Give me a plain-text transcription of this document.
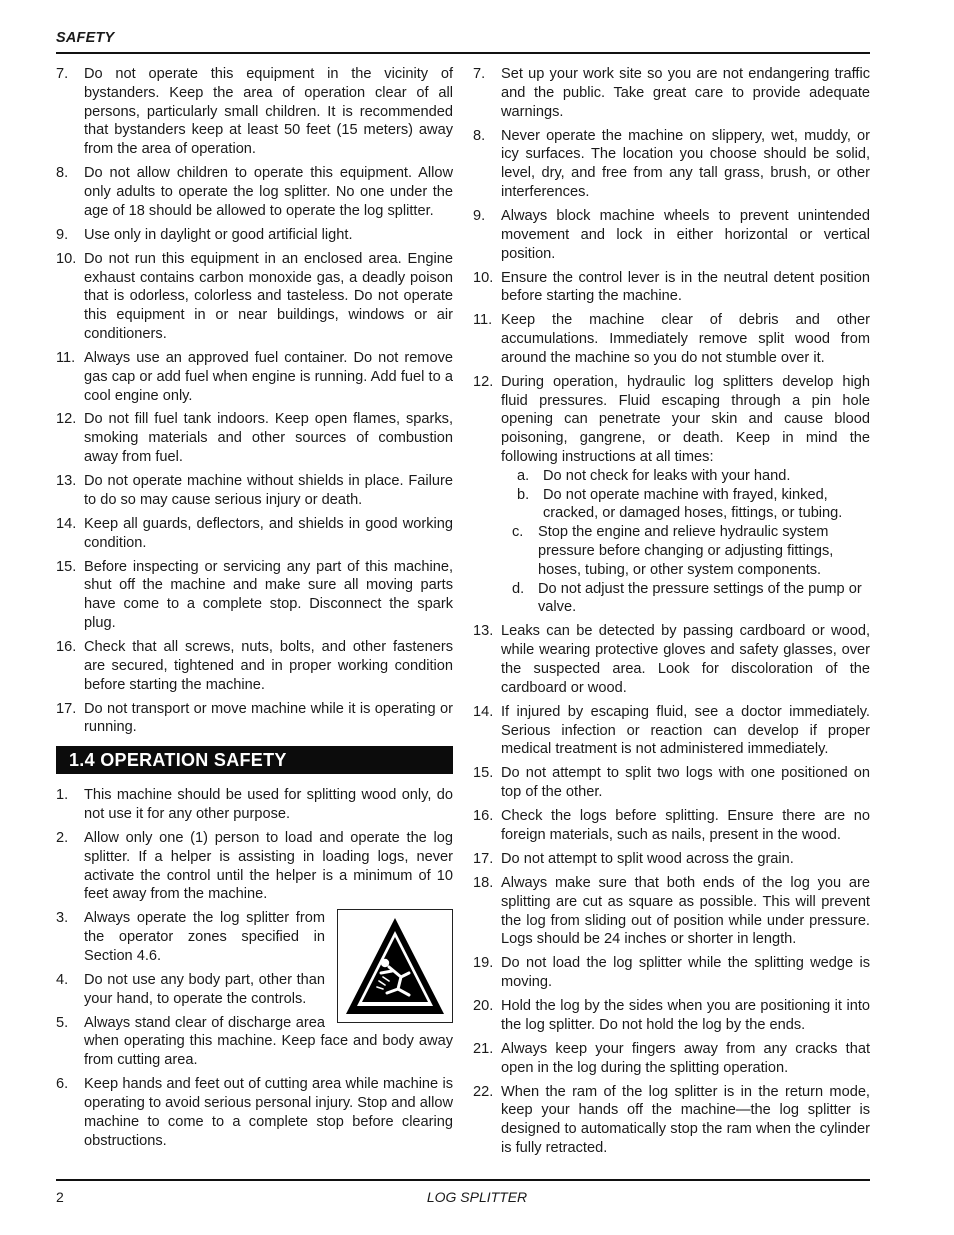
SAFETY
7. Do not operate this equipment in the vicinity of bystanders. Keep the area of operation clear of all persons, particularly small children. It is recommended that bystanders keep at least 50 feet (15 meters) away from the area of operation.
8. Do not allow children to operate this equipment. Allow only adults to operate the log splitter. No one under the age of 18 should be allowed to operate the log splitter.
9. Use only in daylight or good artificial light.
10. Do not run this equipment in an enclosed area. Engine exhaust contains carbon monoxide gas, a deadly poison that is odorless, colorless and tasteless. Do not operate this equipment in or near buildings, windows or air conditioners.
11. Always use an approved fuel container. Do not remove gas cap or add fuel when engine is running. Add fuel to a cool engine only.
12. Do not fill fuel tank indoors. Keep open flames, sparks, smoking materials and other sources of combustion away from fuel.
13. Do not operate machine without shields in place. Failure to do so may cause serious injury or death.
14. Keep all guards, deflectors, and shields in good working condition.
15. Before inspecting or servicing any part of this machine, shut off the machine and make sure all moving parts have come to a complete stop. Disconnect the spark plug.
16. Check that all screws, nuts, bolts, and other fasteners are secured, tightened and in proper working condition before starting the machine.
17. Do not transport or move machine while it is operating or running.
1.4 OPERATION SAFETY
1. This machine should be used for splitting wood only, do not use it for any other purpose.
2. Allow only one (1) person to load and operate the log splitter. If a helper is assisting in loading logs, never activate the control until the helper is a minimum of 10 feet away from the machine.
3. Always operate the log splitter from the operator zones specified in Section 4.6.
4. Do not use any body part, other than your hand, to operate the controls.
5. Always stand clear of discharge area when operating this machine. Keep face and body away from cutting area.
6. Keep hands and feet out of cutting area while machine is operating to avoid serious personal injury. Stop and allow machine to come to a complete stop before clearing obstructions.
7. Set up your work site so you are not endangering traffic and the public. Take great care to provide adequate warnings.
8. Never operate the machine on slippery, wet, muddy, or icy surfaces. The location you choose should be solid, level, dry, and free from any tall grass, brush, or other interferences.
9. Always block machine wheels to prevent unintended movement and lock in either horizontal or vertical position.
10. Ensure the control lever is in the neutral detent position before starting the machine.
11. Keep the machine clear of debris and other accumulations. Immediately remove split wood from around the machine so you do not stumble over it.
12. During operation, hydraulic log splitters develop high fluid pressures. Fluid escaping through a pin hole opening can penetrate your skin and cause blood poisoning, gangrene, or death. Keep in mind the following instructions at all times:
a. Do not check for leaks with your hand.
b. Do not operate machine with frayed, kinked, cracked, or damaged hoses, fittings, or tubing.
c. Stop the engine and relieve hydraulic system pressure before changing or adjusting fittings, hoses, tubing, or other system components.
d. Do not adjust the pressure settings of the pump or valve.
13. Leaks can be detected by passing cardboard or wood, while wearing protective gloves and safety glasses, over the suspected area. Look for discoloration of the cardboard or wood.
14. If injured by escaping fluid, see a doctor immediately. Serious infection or reaction can develop if proper medical treatment is not administered immediately.
15. Do not attempt to split two logs with one positioned on top of the other.
16. Check the logs before splitting. Ensure there are no foreign materials, such as nails, present in the wood.
17. Do not attempt to split wood across the grain.
18. Always make sure that both ends of the log you are splitting are cut as square as possible. This will prevent the log from sliding out of position while under pressure. Logs should be 24 inches or shorter in length.
19. Do not load the log splitter while the splitting wedge is moving.
20. Hold the log by the sides when you are positioning it into the log splitter. Do not hold the log by the ends.
21. Always keep your fingers away from any cracks that open in the log during the splitting operation.
22. When the ram of the log splitter is in the return mode, keep your hands off the machine—the log splitter is designed to automatically stop the ram when the cylinder is fully retracted.
2	LOG SPLITTER
